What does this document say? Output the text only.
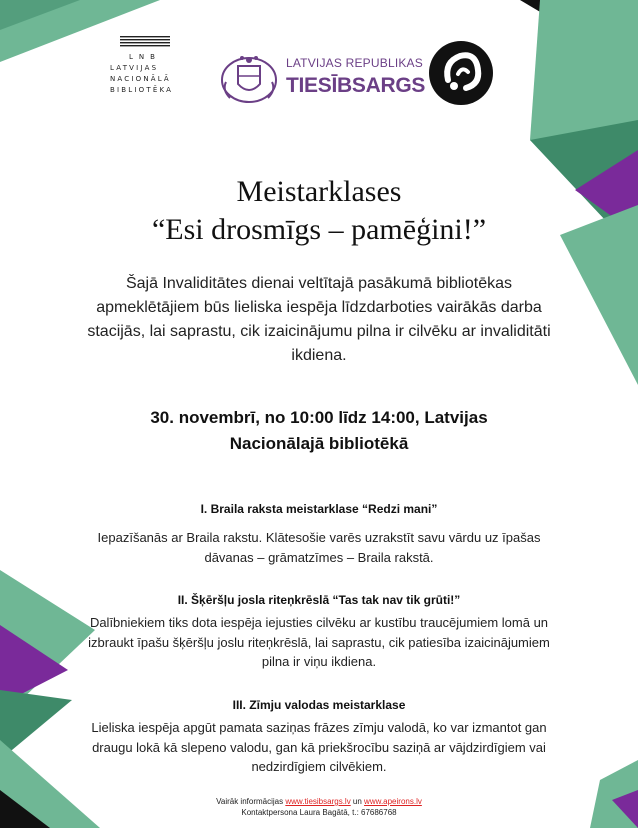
LNB
LATVIJAS
NACIONĀLĀ
BIBLIOTĒKA
LATVIJAS REPUBLIKAS
TIESĪBSARGS
Meistarklases
“Esi drosmīgs – pamēģini!”
Šajā Invaliditātes dienai veltītajā pasākumā bibliotēkas apmeklētājiem būs lieliska iespēja līdzdarboties vairākās darba stacijās, lai saprastu, cik izaicinājumu pilna ir cilvēku ar invaliditāti ikdiena.
30. novembrī, no 10:00 līdz 14:00, Latvijas
Nacionālajā bibliotēkā
I. Braila raksta meistarklase “Redzi mani”
Iepazīšanās ar Braila rakstu. Klātesošie varēs uzrakstīt savu vārdu uz īpašas dāvanas – grāmatzīmes – Braila rakstā.
II. Šķēršļu josla riteņkrēslā “Tas tak nav tik grūti!”
Dalībniekiem tiks dota iespēja iejusties cilvēku ar kustību traucējumiem lomā un izbraukt īpašu šķēršļu joslu riteņkrēslā, lai saprastu, cik patiesība izaicinājumiem pilna ir viņu ikdiena.
III. Zīmju valodas meistarklase
Lieliska iespēja apgūt pamata saziņas frāzes zīmju valodā, ko var izmantot gan draugu lokā kā slepeno valodu, gan kā priekšrocību saziņā ar vājdzirdīgiem vai nedzirdīgiem cilvēkiem.
Vairāk informācijas www.tiesibsargs.lv un www.apeirons.lv
Kontaktpersona Laura Bagātā, t.: 67686768
